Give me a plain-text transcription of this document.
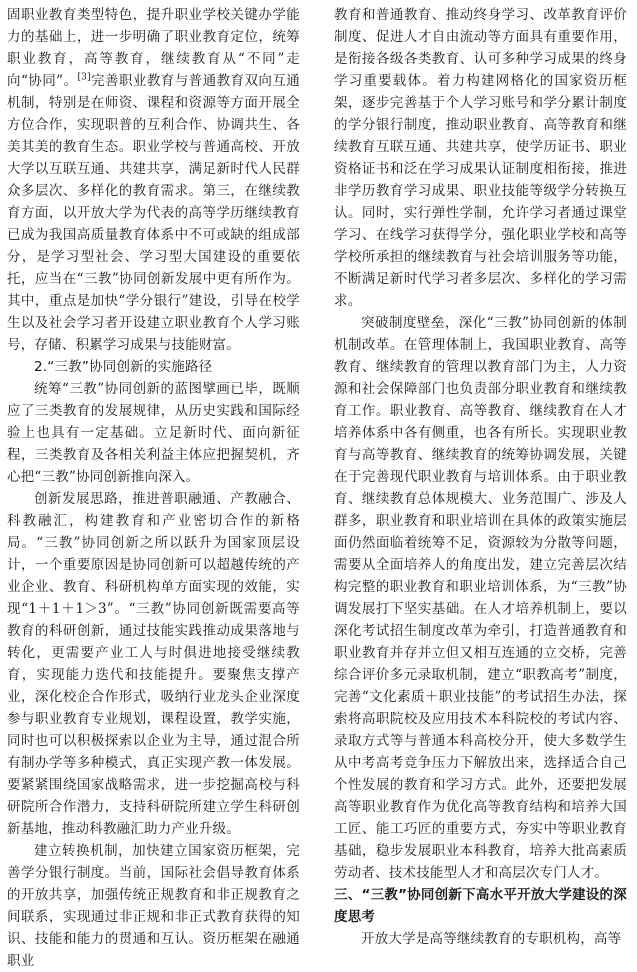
固职业教育类型特色，提升职业学校关键办学能力的基础上，进一步明确了职业教育定位，统筹职业教育，高等教育，继续教育从“不同”走向“协同”。[3]完善职业教育与普通教育双向互通机制，特别是在师资、课程和资源等方面开展全方位合作，实现职普的互利合作、协调共生、各美其美的教育生态。职业学校与普通高校、开放大学以互联互通、共建共享，满足新时代人民群众多层次、多样化的教育需求。第三，在继续教育方面，以开放大学为代表的高等学历继续教育已成为我国高质量教育体系中不可或缺的组成部分，是学习型社会、学习型大国建设的重要依托，应当在“三教”协同创新发展中更有所作为。其中，重点是加快“学分银行”建设，引导在校学生以及社会学习者开设建立职业教育个人学习账号，存储、积累学习成果与技能财富。

2.“三教”协同创新的实施路径

统筹“三教”协同创新的蓝图擘画已毕，既顺应了三类教育的发展规律，从历史实践和国际经验上也具有一定基础。立足新时代、面向新征程，三类教育及各相关利益主体应把握契机，齐心把“三教”协同创新推向深入。

创新发展思路，推进普职融通、产教融合、科教融汇，构建教育和产业密切合作的新格局。“三教”协同创新之所以跃升为国家顶层设计，一个重要原因是协同创新可以超越传统的产业企业、教育、科研机构单方面实现的效能，实现“1＋1＋1＞3”。“三教”协同创新既需要高等教育的科研创新，通过技能实践推动成果落地与转化，更需要产业工人与时俱进地接受继续教育，实现能力迭代和技能提升。要聚焦支撑产业，深化校企合作形式，吸纳行业龙头企业深度参与职业教育专业规划，课程设置，教学实施，同时也可以积极探索以企业为主导，通过混合所有制办学等多种模式，真正实现产教一体发展。要紧紧围绕国家战略需求，进一步挖掘高校与科研院所合作潜力，支持科研院所建立学生科研创新基地，推动科教融汇助力产业升级。

建立转换机制，加快建立国家资历框架，完善学分银行制度。当前，国际社会倡导教育体系的开放共享，加强传统正规教育和非正规教育之间联系，实现通过非正规和非正式教育获得的知识、技能和能力的贯通和互认。资历框架在融通职业

教育和普通教育、推动终身学习、改革教育评价制度、促进人才自由流动等方面具有重要作用，是衔接各级各类教育、认可多种学习成果的终身学习重要载体。着力构建网格化的国家资历框架，逐步完善基于个人学习账号和学分累计制度的学分银行制度，推动职业教育、高等教育和继续教育互联互通、共建共享，使学历证书、职业资格证书和泛在学习成果认证制度相衔接，推进非学历教育学习成果、职业技能等级学分转换互认。同时，实行弹性学制，允许学习者通过课堂学习、在线学习获得学分，强化职业学校和高等学校所承担的继续教育与社会培训服务等功能，不断满足新时代学习者多层次、多样化的学习需求。

突破制度壁垒，深化“三教”协同创新的体制机制改革。在管理体制上，我国职业教育、高等教育、继续教育的管理以教育部门为主，人力资源和社会保障部门也负责部分职业教育和继续教育工作。职业教育、高等教育、继续教育在人才培养体系中各有侧重，也各有所长。实现职业教育与高等教育、继续教育的统筹协调发展，关键在于完善现代职业教育与培训体系。由于职业教育、继续教育总体规模大、业务范围广、涉及人群多，职业教育和职业培训在具体的政策实施层面仍然面临着统筹不足，资源较为分散等问题，需要从全面培养人的角度出发，建立完善层次结构完整的职业教育和职业培训体系，为“三教”协调发展打下坚实基础。在人才培养机制上，要以深化考试招生制度改革为牵引，打造普通教育和职业教育并存并立但又相互连通的立交桥，完善综合评价多元录取机制，建立“职教高考”制度，完善“文化素质＋职业技能”的考试招生办法，探索将高职院校及应用技术本科院校的考试内容、录取方式等与普通本科高校分开，使大多数学生从中考高考竞争压力下解放出来，选择适合自己个性发展的教育和学习方式。此外，还要把发展高等职业教育作为优化高等教育结构和培养大国工匠、能工巧匠的重要方式，夯实中等职业教育基础，稳步发展职业本科教育，培养大批高素质劳动者、技术技能型人才和高层次专门人才。

三、“三教”协同创新下高水平开放大学建设的深度思考

开放大学是高等继续教育的专职机构，高等
